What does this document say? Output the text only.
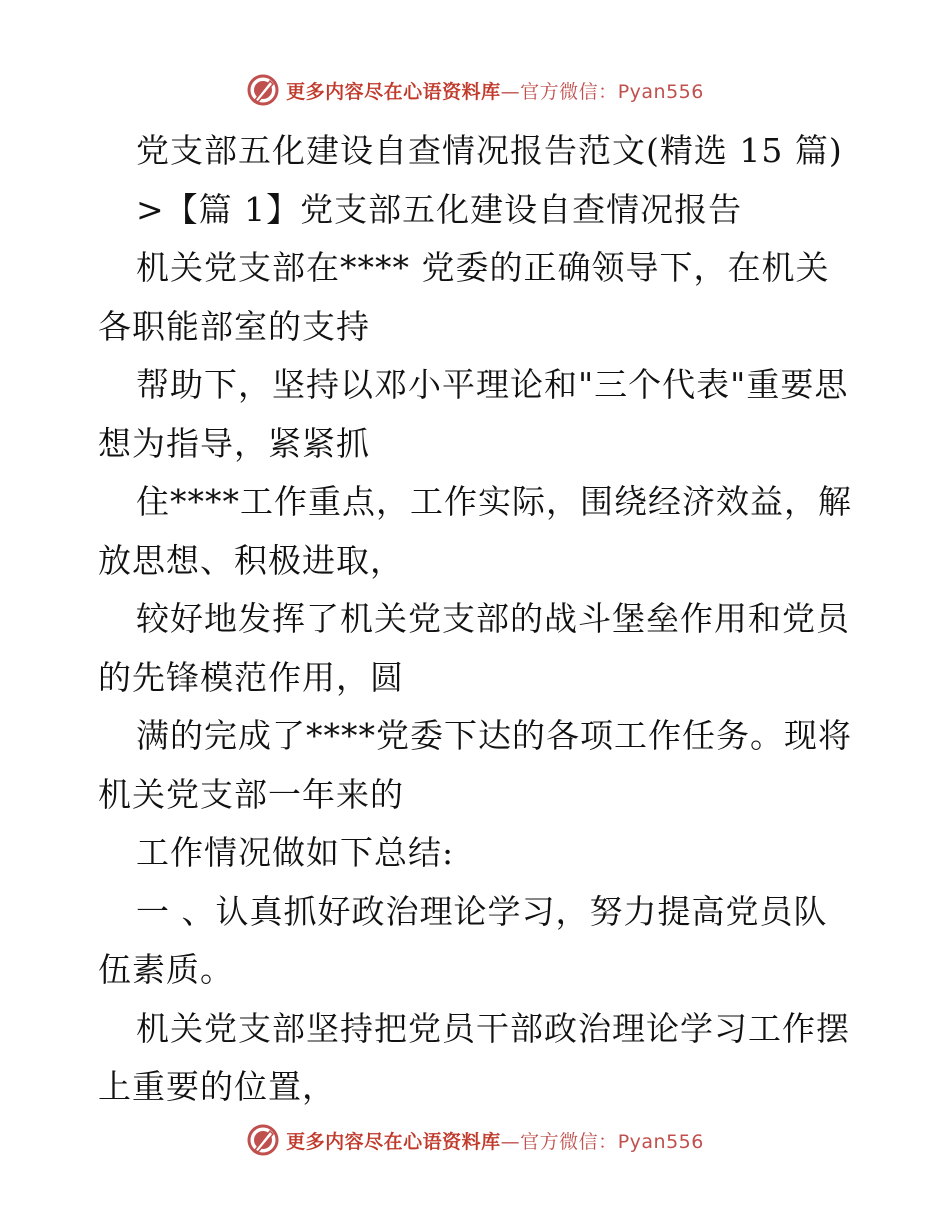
更多内容尽在心语资料库—官方微信：Pyan556
党支部五化建设自查情况报告范文(精选 15 篇)
>【篇 1】党支部五化建设自查情况报告
机关党支部在**** 党委的正确领导下，在机关
各职能部室的支持
帮助下，坚持以邓小平理论和"三个代表"重要思
想为指导，紧紧抓
住****工作重点，工作实际，围绕经济效益，解
放思想、积极进取，
较好地发挥了机关党支部的战斗堡垒作用和党员
的先锋模范作用，圆
满的完成了****党委下达的各项工作任务。现将
机关党支部一年来的
工作情况做如下总结:
一 、认真抓好政治理论学习，努力提高党员队
伍素质。
机关党支部坚持把党员干部政治理论学习工作摆
上重要的位置，
更多内容尽在心语资料库—官方微信：Pyan556
